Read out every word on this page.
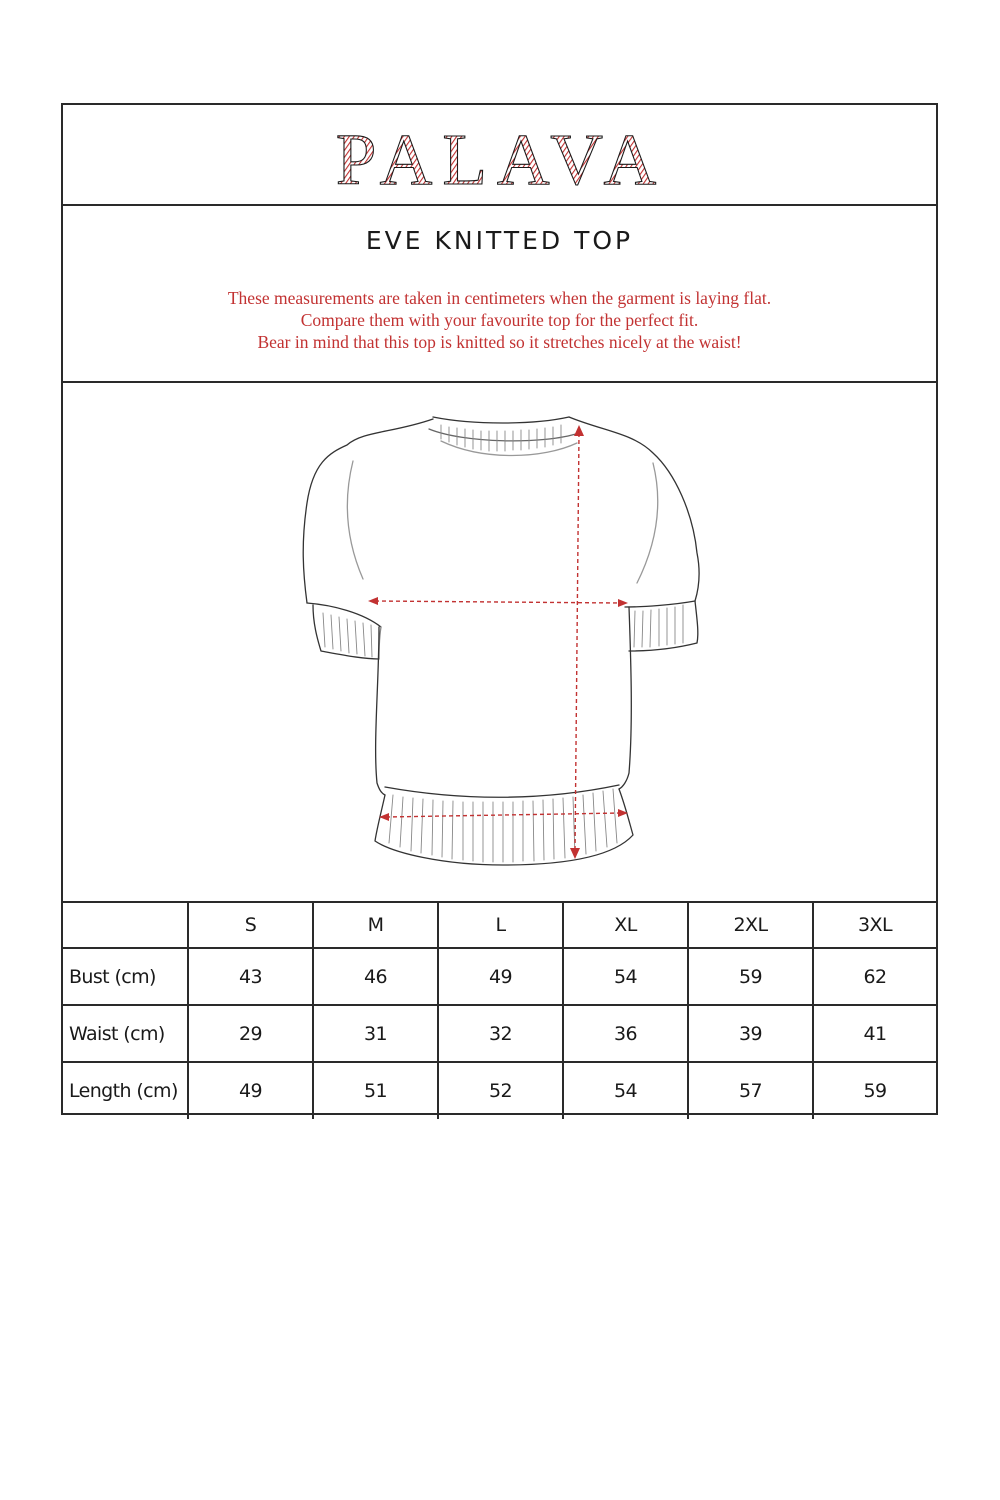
PALAVA
EVE KNITTED TOP
These measurements are taken in centimeters when the garment is laying flat.
Compare them with your favourite top for the perfect fit.
Bear in mind that this top is knitted so it stretches nicely at the waist!
	S	M	L	XL	2XL	3XL
Bust (cm)	43	46	49	54	59	62
Waist (cm)	29	31	32	36	39	41
Length (cm)	49	51	52	54	57	59
